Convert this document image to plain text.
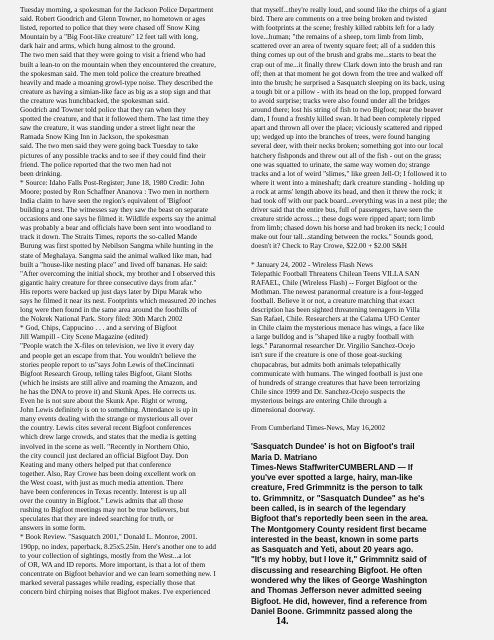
Tuesday morning, a spokesman for the Jackson Police Department

said. Robert Goodrich and Glenn Towner, no hometown or ages

listed, reported to police that they were chased off Snow King

Mountain by a "Big Foot-like creature" 12 feet tall with long,

dark hair and arms, which hung almost to the ground.

The two men said that they were going to visit a friend who had

built a lean-to on the mountain when they encountered the creature,

the spokesman said. The men told police the creature breathed

heavily and made a moaning growl-type noise. They described the

creature as having a simian-like face as big as a stop sign and that

the creature was hunchbacked, the spokesman said.

Goodrich and Towner told police that they ran when they

spotted the creature, and that it followed them. The last time they

saw the creature, it was standing under a street light near the

Ramada Snow King Inn in Jackson, the spokesman

said. The two men said they were going back Tuesday to take

pictures of any possible tracks and to see if they could find their

friend. The police reported that the two men had not

been drinking.

* Source: Idaho Falls Post-Register; June 18, 1980 Credit: John

Moore; posted by Ron Schaffner Ananova : Two men in northern

India claim to have seen the region's equivalent of 'Bigfoot'

building a nest. The witnesses say they saw the beast on separate

occasions and one says he filmed it. Wildlife experts say the animal

was probably a bear and officials have been sent into woodland to

track it down. The Straits Times, reports the so-called Mande

Burung was first spotted by Nebilson Sangma while hunting in the

state of Meghalaya. Sangma said the animal walked like man, had

built a "house-like nesting place" and lived off bananas. He said:

"After overcoming the initial shock, my brother and I observed this

gigantic hairy creature for three consecutive days from afar."

His reports were backed up just days later by Dipu Marak who

says he filmed it near its nest. Footprints which measured 20 inches

long were then found in the same area around the foothills of

the Nokrek National Park. Story filed: 30th March 2002

* God, Chips, Cappucino . . . and a serving of Bigfoot

Jill Wampill - City Scene Magazine (edited)

"People watch the X-files on television, we live it every day

and people get an escape from that. You wouldn't believe the

stories people report to us"says John Lewis of theCincinnati

Bigfoot Research Group, telling tales Bigfoot, Giant Sloths

(which he insists are still alive and roaming the Amazon, and

he has the DNA to prove it) and Skunk Apes. He corrects us.

Even he is not sure about the Skunk Ape. Right or wrong,

John Lewis definitely is on to something. Attendance is up in

many events dealing with the strange or mysterious all over

the country. Lewis cites several recent Bigfoot conferences

which drew large crowds, and states that the media is getting

involved in the scene as well. "Recently in Northern Ohio,

the city council just declared an official Bigfoot Day. Don

Keating and many others helped put that conference

together. Also, Ray Crowe has been doing excellent work on

the West coast, with just as much media attention. There

have been conferences in Texas recently. Interest is up all

over the country in Bigfoot." Lewis admits that all those

rushing to Bigfoot meetings may not be true believers, but

speculates that they are indeed searching for truth, or

answers in some form.

* Book Review. "Sasquatch 2001," Donald L. Monroe, 2001.

190pp, no index, paperback, 8.25x5.25in. Here's another one to add

to your collection of sightings, mostly from the West...a lot

of OR, WA and ID reports. More important, is that a lot of them

concentrate on Bigfoot behavior and we can learn something new. I

marked several passages while reading, especially those that

concern bird chirping noises that Bigfoot makes. I've experienced

that myself...they're really loud, and sound like the chirps of a giant

bird. There are comments on a tree being broken and twisted

with footprints at the scene; freshly killed rabbits left for a lady

love...human; "the remains of a sheep, torn limb from limb,

scattered over an area of twenty square feet; all of a sudden this

thing comes up out of the brush and grabs me...starts to beat the

crap out of me...it finally threw Clark down into the brush and ran

off; then at that moment he got down from the tree and walked off

into the brush; he surprised a Sasquatch sleeping on its back, using

a tough bit or a pillow - with its head on the lop, propped forward

to avoid surprise; tracks were also found under all the bridges

around there; lost his string of fish to two Bigfoot; near the beaver

dam, I found a freshly killed swan. It had been completely ripped

apart and thrown all over the place; viciously scattered and ripped

up; wedged up into the branches of trees, were found hanging

several deer, with their necks broken; something got into our local

hatchery fishponds and threw out all of the fish - out on the grass;

one was squatted to urinate, the same way women do; strange

tracks and a lot of weird "slimes," like green Jell-O; I followed it to

where it went into a mineshaft; dark creature standing - holding up

a rock at arms' length above its head, and then it threw the rock; it

had took off with our pack board...everything was in a nest pile; the

driver said that the entire bus, full of passengers, have seen the

creature stride across...; these dogs were ripped apart; torn limb

from limb; chased down his horse and had broken its neck; I could

make out four tall...standing between the rocks." Sounds good,

doesn't it? Check to Ray Crowe, $22.00 + $2.00 S&H

* January 24, 2002 - Wireless Flash News

Telepathic Football Threatens Chilean Teens VILLA SAN

RAFAEL, Chile (Wireless Flash) -- Forget Bigfoot or the

Mothman. The newest paranormal creature is a four-legged

football. Believe it or not, a creature matching that exact

description has been sighted threatening teenagers in Villa

San Rafael, Chile. Researchers at the Calama UFO Center

in Chile claim the mysterious menace has wings, a face like

a large bulldog and is "shaped like a rugby football with

legs." Paranormal researcher Dr. Virgilio Sanchez-Ocejo

isn't sure if the creature is one of those goat-sucking

chupacabras, but admits both animals telepathically

communicate with humans. The winged football is just one

of hundreds of strange creatures that have been terrorizing

Chile since 1999 and Dr. Sanchez-Ocejo suspects the

mysterious beings are entering Chile through a

dimensional doorway.

From Cumberland Times-News, May 16,2002

'Sasquatch Dundee' is hot on Bigfoot's trail

Maria D. Matriano

Times-News StaffwriterCUMBERLAND — If

you've ever spotted a large, hairy, man-like

creature, Fred Grimmnitz is the person to talk

to. Grimmnitz, or "Sasquatch Dundee" as he's

been called, is in search of the legendary

Bigfoot that's reportedly been seen in the area.

The Montgomery County resident first became

interested in the beast, known in some parts

as Sasquatch and Yeti, about 20 years ago.

"It's my hobby, but I love it," Grimmnitz said of

discussing and researching Bigfoot. He often

wondered why the likes of George Washington

and Thomas Jefferson never admitted seeing

Bigfoot. He did, however, find a reference from

Daniel Boone. Grimmnitz passed along the

14.
